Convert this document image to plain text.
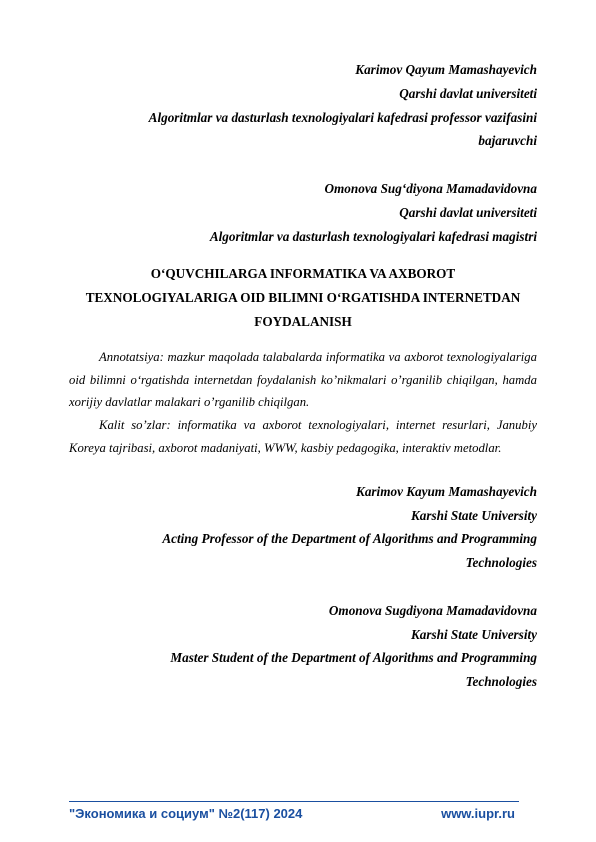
Karimov Qayum Mamashayevich
Qarshi davlat universiteti
Algoritmlar va dasturlash texnologiyalari kafedrasi professor vazifasini
bajaruvchi
Omonova Sug‘diyona Mamadavidovna
Qarshi davlat universiteti
Algoritmlar va dasturlash texnologiyalari kafedrasi magistri
O‘QUVCHILARGA INFORMATIKA VA AXBOROT
TEXNOLOGIYALARIGA OID BILIMNI O‘RGATISHDA INTERNETDAN
FOYDALANISH

Annotatsiya: mazkur maqolada talabalarda informatika va axborot texnologiyalariga oid bilimni o‘rgatishda internetdan foydalanish ko’nikmalari o’rganilib chiqilgan, hamda xorijiy davlatlar malakari o’rganilib chiqilgan.

Kalit so’zlar: informatika va axborot texnologiyalari, internet resurlari, Janubiy Koreya tajribasi, axborot madaniyati, WWW, kasbiy pedagogika, interaktiv metodlar.

Karimov Kayum Mamashayevich
Karshi State University
Acting Professor of the Department of Algorithms and Programming
Technologies
Omonova Sugdiyona Mamadavidovna
Karshi State University
Master Student of the Department of Algorithms and Programming
Technologies
"Экономика и социум" №2(117) 2024	www.iupr.ru
